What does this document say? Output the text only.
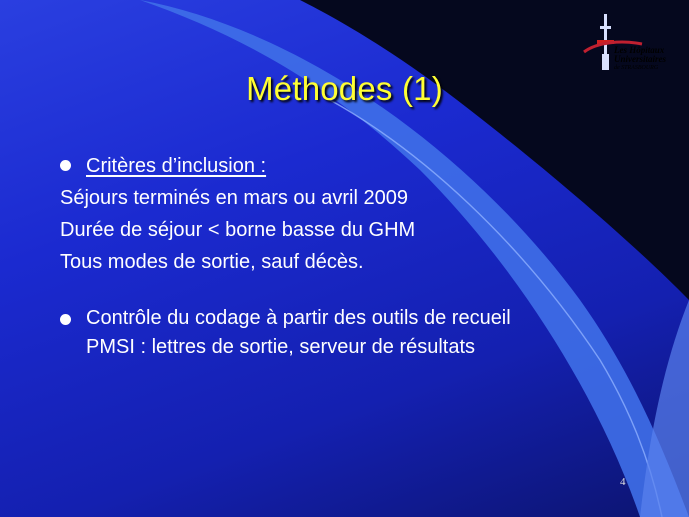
Les Hôpitaux
Universitaires
de STRASBOURG
Méthodes (1)
Critères d’inclusion :
Séjours terminés en mars ou avril 2009
Durée de séjour < borne basse du GHM
Tous modes de sortie, sauf décès.
Contrôle du codage à partir des outils de recueil
PMSI : lettres de sortie, serveur de résultats
4
